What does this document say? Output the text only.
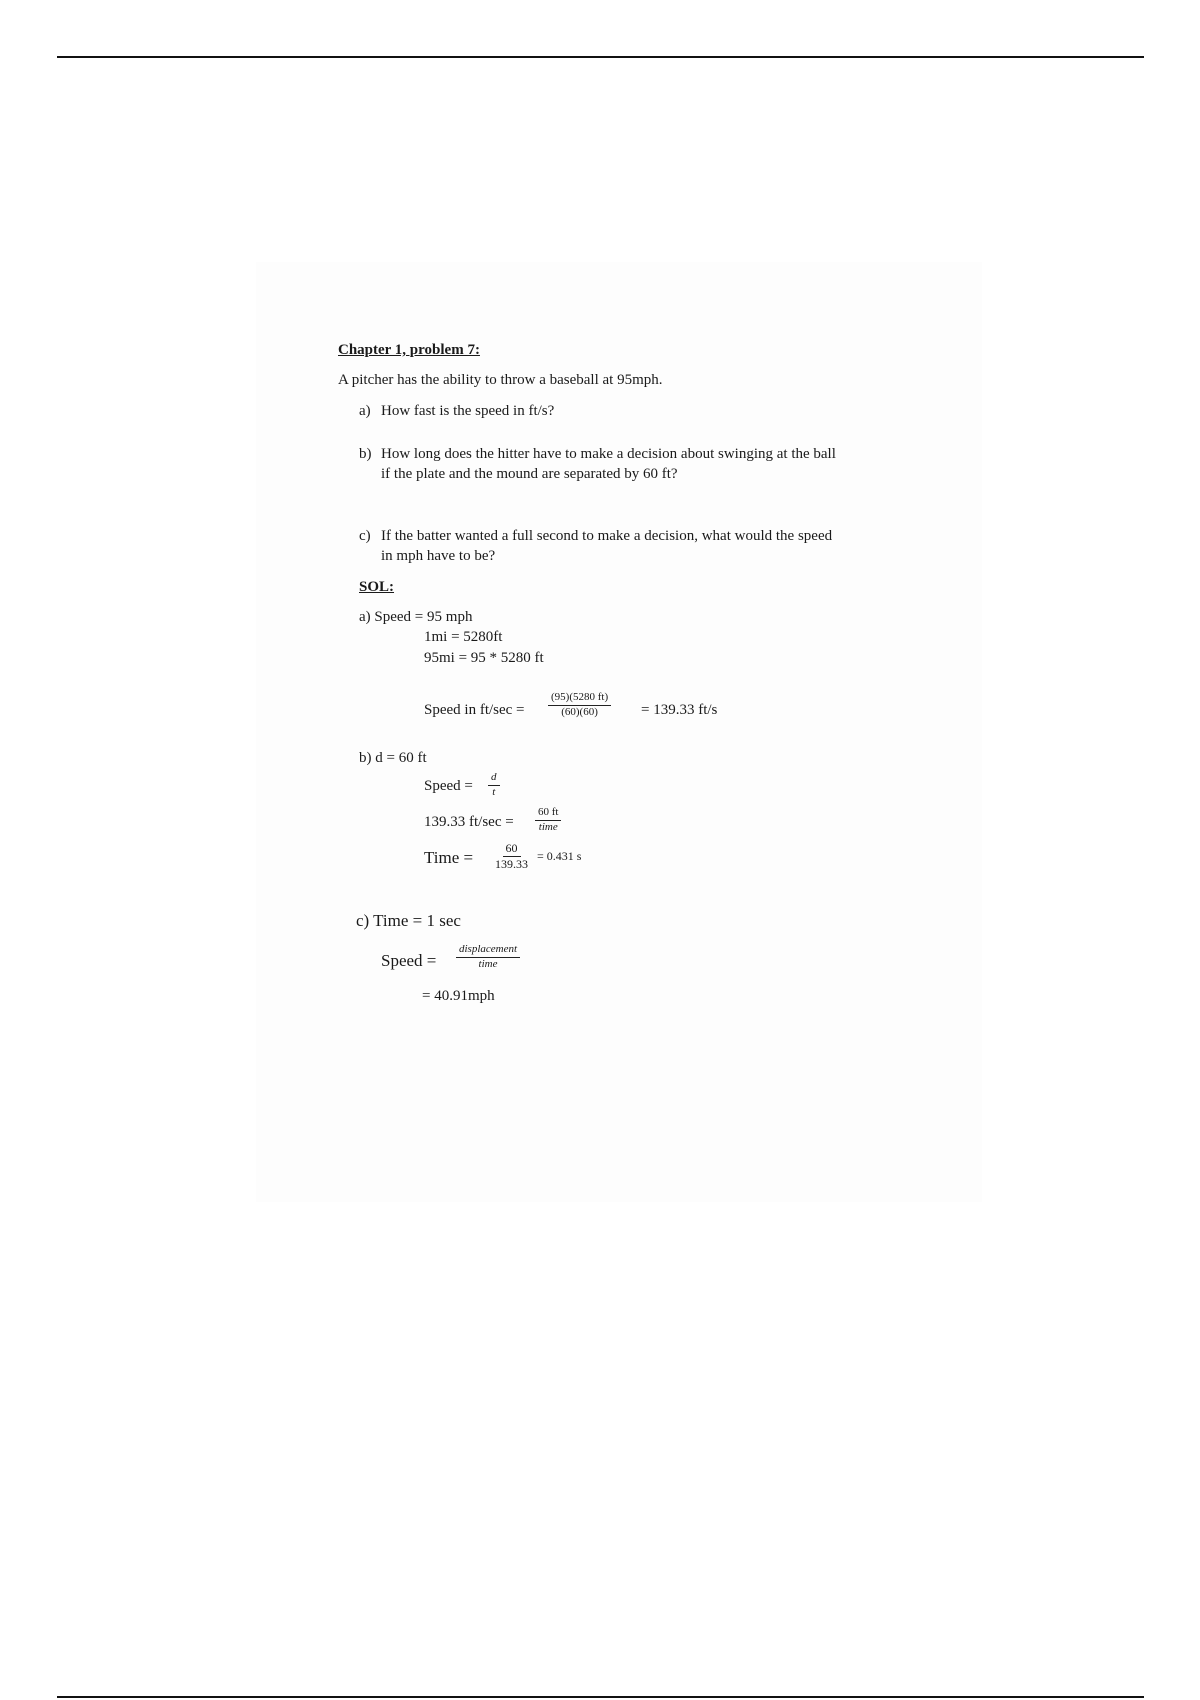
Chapter 1, problem 7:
A pitcher has the ability to throw a baseball at 95mph.
a) How fast is the speed in ft/s?
b) How long does the hitter have to make a decision about swinging at the ball
if the plate and the mound are separated by 60 ft?
c) If the batter wanted a full second to make a decision, what would the speed
in mph have to be?
SOL:
a) Speed = 95 mph
1mi = 5280ft
95mi = 95 * 5280 ft
Speed in $ft/\sec = \frac{(95)(5280 ft)}{(60)(60)} = 139.33$ ft/s
b) d = 60 ft
Speed = $\frac{d}{t}$
139.33 ft/sec =
60 ft
time
Time = $\frac{60}{139.33} = 0.431$ s
c) Time = 1 sec
Speed =
displacement
time
= 40.91mph
